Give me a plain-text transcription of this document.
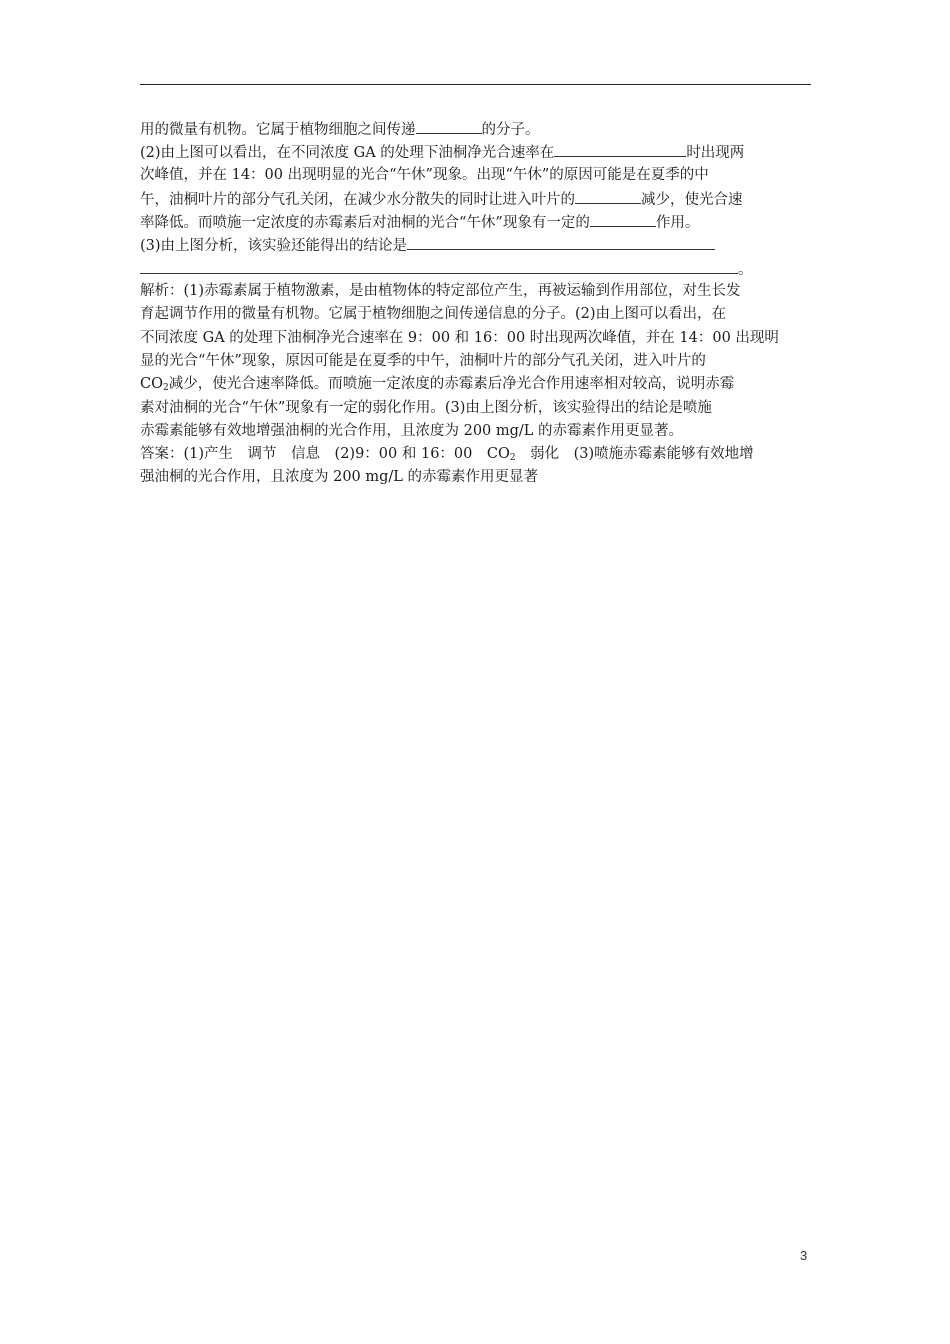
用的微量有机物。它属于植物细胞之间传递	的分子。
(2)由上图可以看出，在不同浓度 GA 的处理下油桐净光合速率在	时出现两
次峰值，并在 14：00 出现明显的光合“午休”现象。出现“午休”的原因可能是在夏季的中
午，油桐叶片的部分气孔关闭，在减少水分散失的同时让进入叶片的	减少，使光合速
率降低。而喷施一定浓度的赤霉素后对油桐的光合“午休”现象有一定的	作用。
(3)由上图分析，该实验还能得出的结论是
。
解析：(1)赤霉素属于植物激素，是由植物体的特定部位产生，再被运输到作用部位，对生长发
育起调节作用的微量有机物。它属于植物细胞之间传递信息的分子。(2)由上图可以看出，在
不同浓度 GA 的处理下油桐净光合速率在 9：00 和 16：00 时出现两次峰值，并在 14：00 出现明
显的光合“午休”现象，原因可能是在夏季的中午，油桐叶片的部分气孔关闭，进入叶片的
$CO_2$减少，使光合速率降低。而喷施一定浓度的赤霉素后净光合作用速率相对较高，说明赤霉
素对油桐的光合“午休”现象有一定的弱化作用。(3)由上图分析，该实验得出的结论是喷施
赤霉素能够有效地增强油桐的光合作用，且浓度为 200 mg/L 的赤霉素作用更显著。
答案：(1)产生　调节　信息　(2)9：00 和 16：00　$CO_2$　弱化　(3)喷施赤霉素能够有效地增
强油桐的光合作用，且浓度为 200 mg/L 的赤霉素作用更显著
3
